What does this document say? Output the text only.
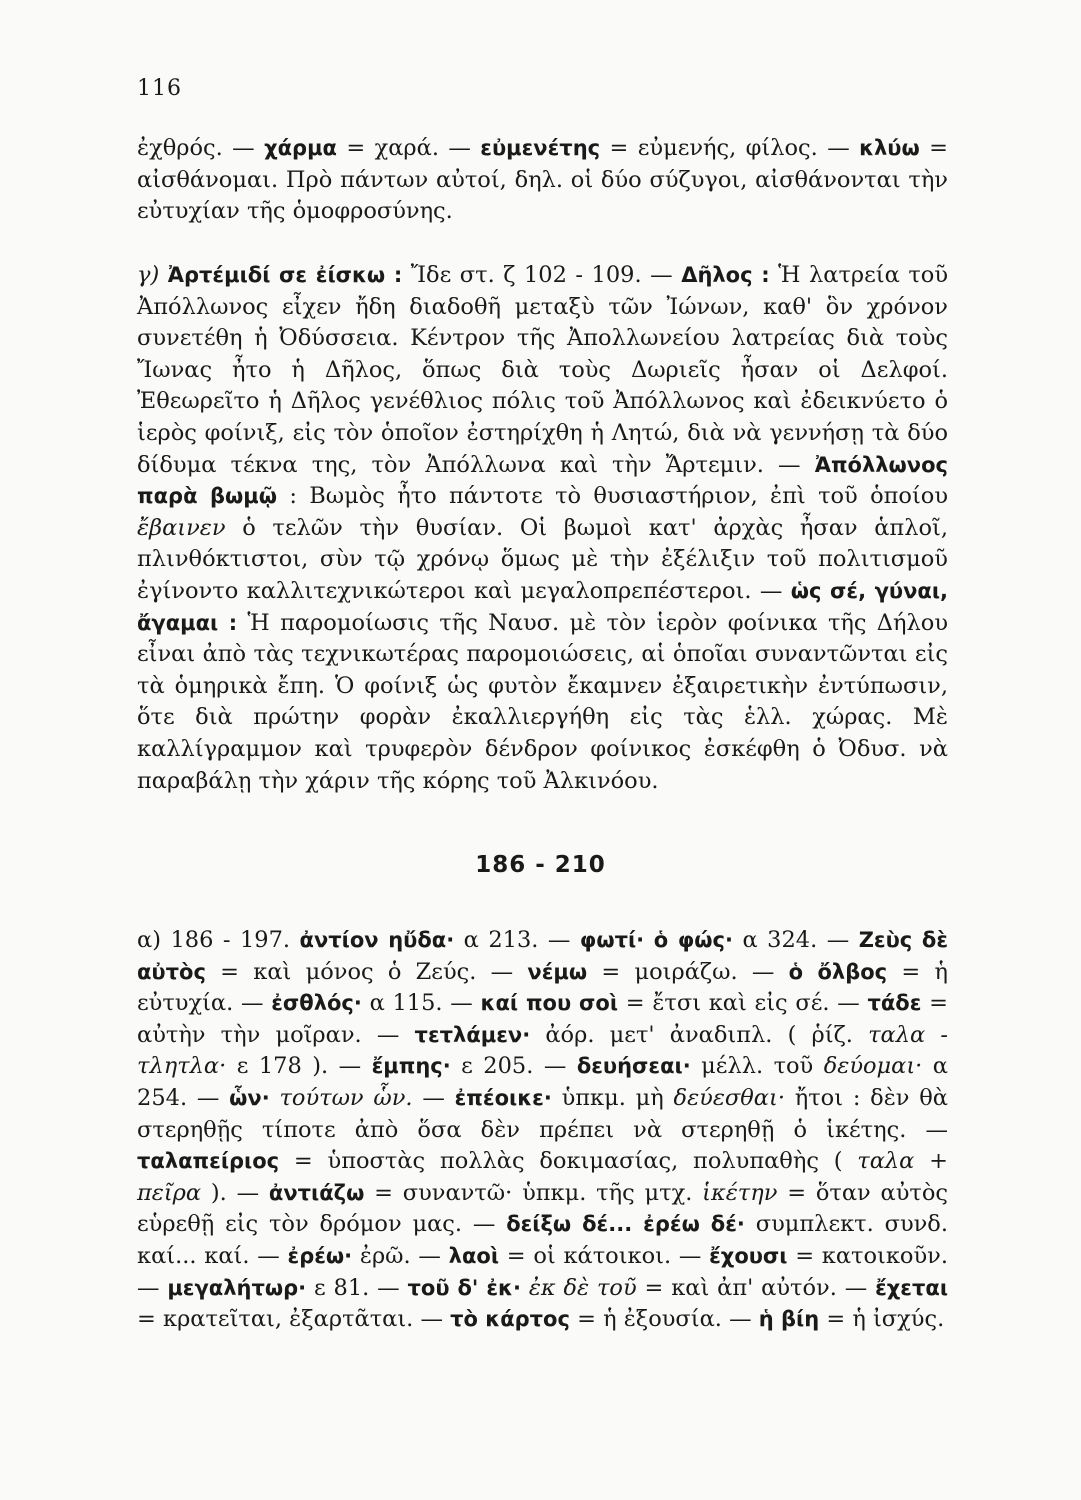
116
ἐχθρός. — χάρμα = χαρά. — εὐμενέτης = εὐμενής, φίλος. — κλύω = αἰσθάνομαι. Πρὸ πάντων αὐτοί, δηλ. οἱ δύο σύζυγοι, αἰσθάνονται τὴν εὐτυχίαν τῆς ὁμοφροσύνης.
γ) Ἀρτέμιδί σε ἐίσκω : Ἴδε στ. ζ 102 - 109. — Δῆλος : Ἡ λατρεία τοῦ Ἀπόλλωνος εἶχεν ἤδη διαδοθῆ μεταξὺ τῶν Ἰώνων, καθ' ὃν χρόνον συνετέθη ἡ Ὀδύσσεια. Κέντρον τῆς Ἀπολλωνείου λατρείας διὰ τοὺς Ἴωνας ἦτο ἡ Δῆλος, ὅπως διὰ τοὺς Δωριεῖς ἦσαν οἱ Δελφοί. Ἐθεωρεῖτο ἡ Δῆλος γενέθλιος πόλις τοῦ Ἀπόλλωνος καὶ ἐδεικνύετο ὁ ἱερὸς φοίνιξ, εἰς τὸν ὁποῖον ἐστηρίχθη ἡ Λητώ, διὰ νὰ γεννήσῃ τὰ δύο δίδυμα τέκνα της, τὸν Ἀπόλλωνα καὶ τὴν Ἄρτεμιν. — Ἀπόλλωνος παρὰ βωμῷ : Βωμὸς ἦτο πάντοτε τὸ θυσιαστήριον, ἐπὶ τοῦ ὁποίου ἔβαινεν ὁ τελῶν τὴν θυσίαν. Οἱ βωμοὶ κατ' ἀρχὰς ἦσαν ἁπλοῖ, πλινθόκτιστοι, σὺν τῷ χρόνῳ ὅμως μὲ τὴν ἐξέλιξιν τοῦ πολιτισμοῦ ἐγίνοντο καλλιτεχνικώτεροι καὶ μεγαλοπρεπέστεροι. — ὡς σέ, γύναι, ἄγαμαι : Ἡ παρομοίωσις τῆς Ναυσ. μὲ τὸν ἱερὸν φοίνικα τῆς Δήλου εἶναι ἀπὸ τὰς τεχνικωτέρας παρομοιώσεις, αἱ ὁποῖαι συναντῶνται εἰς τὰ ὁμηρικὰ ἔπη. Ὁ φοίνιξ ὡς φυτὸν ἔκαμνεν ἐξαιρετικὴν ἐντύπωσιν, ὅτε διὰ πρώτην φορὰν ἐκαλλιεργήθη εἰς τὰς ἑλλ. χώρας. Μὲ καλλίγραμμον καὶ τρυφερὸν δένδρον φοίνικος ἐσκέφθη ὁ Ὀδυσ. νὰ παραβάλῃ τὴν χάριν τῆς κόρης τοῦ Ἀλκινόου.
186 - 210
α) 186 - 197. ἀντίον ηὔδα· α 213. — φωτί· ὁ φώς· α 324. — Ζεὺς δὲ αὐτὸς = καὶ μόνος ὁ Ζεύς. — νέμω = μοιράζω. — ὁ ὄλβος = ἡ εὐτυχία. — ἐσθλός· α 115. — καί που σοὶ = ἔτσι καὶ εἰς σέ. — τάδε = αὐτὴν τὴν μοῖραν. — τετλάμεν· ἀόρ. μετ' ἀναδιπλ. ( ῥίζ. ταλα - τλητλα· ε 178 ). — ἔμπης· ε 205. — δευήσεαι· μέλλ. τοῦ δεύομαι· α 254. — ὧν· τούτων ὧν. — ἐπέοικε· ὑπκμ. μὴ δεύεσθαι· ἤτοι : δὲν θὰ στερηθῇς τίποτε ἀπὸ ὅσα δὲν πρέπει νὰ στερηθῇ ὁ ἱκέτης. — ταλαπείριος = ὑποστὰς πολλὰς δοκιμασίας, πολυπαθὴς ( ταλα + πεῖρα ). — ἀντιάζω = συναντῶ· ὑπκμ. τῆς μτχ. ἱκέτην = ὅταν αὐτὸς εὑρεθῇ εἰς τὸν δρόμον μας. — δείξω δέ... ἐρέω δέ· συμπλεκτ. συνδ. καί... καί. — ἐρέω· ἐρῶ. — λαοὶ = οἱ κάτοικοι. — ἔχουσι = κατοικοῦν. — μεγαλήτωρ· ε 81. — τοῦ δ' ἐκ· ἐκ δὲ τοῦ = καὶ ἀπ' αὐτόν. — ἔχεται = κρατεῖται, ἐξαρτᾶται. — τὸ κάρτος = ἡ ἐξουσία. — ἡ βίη = ἡ ἰσχύς.
